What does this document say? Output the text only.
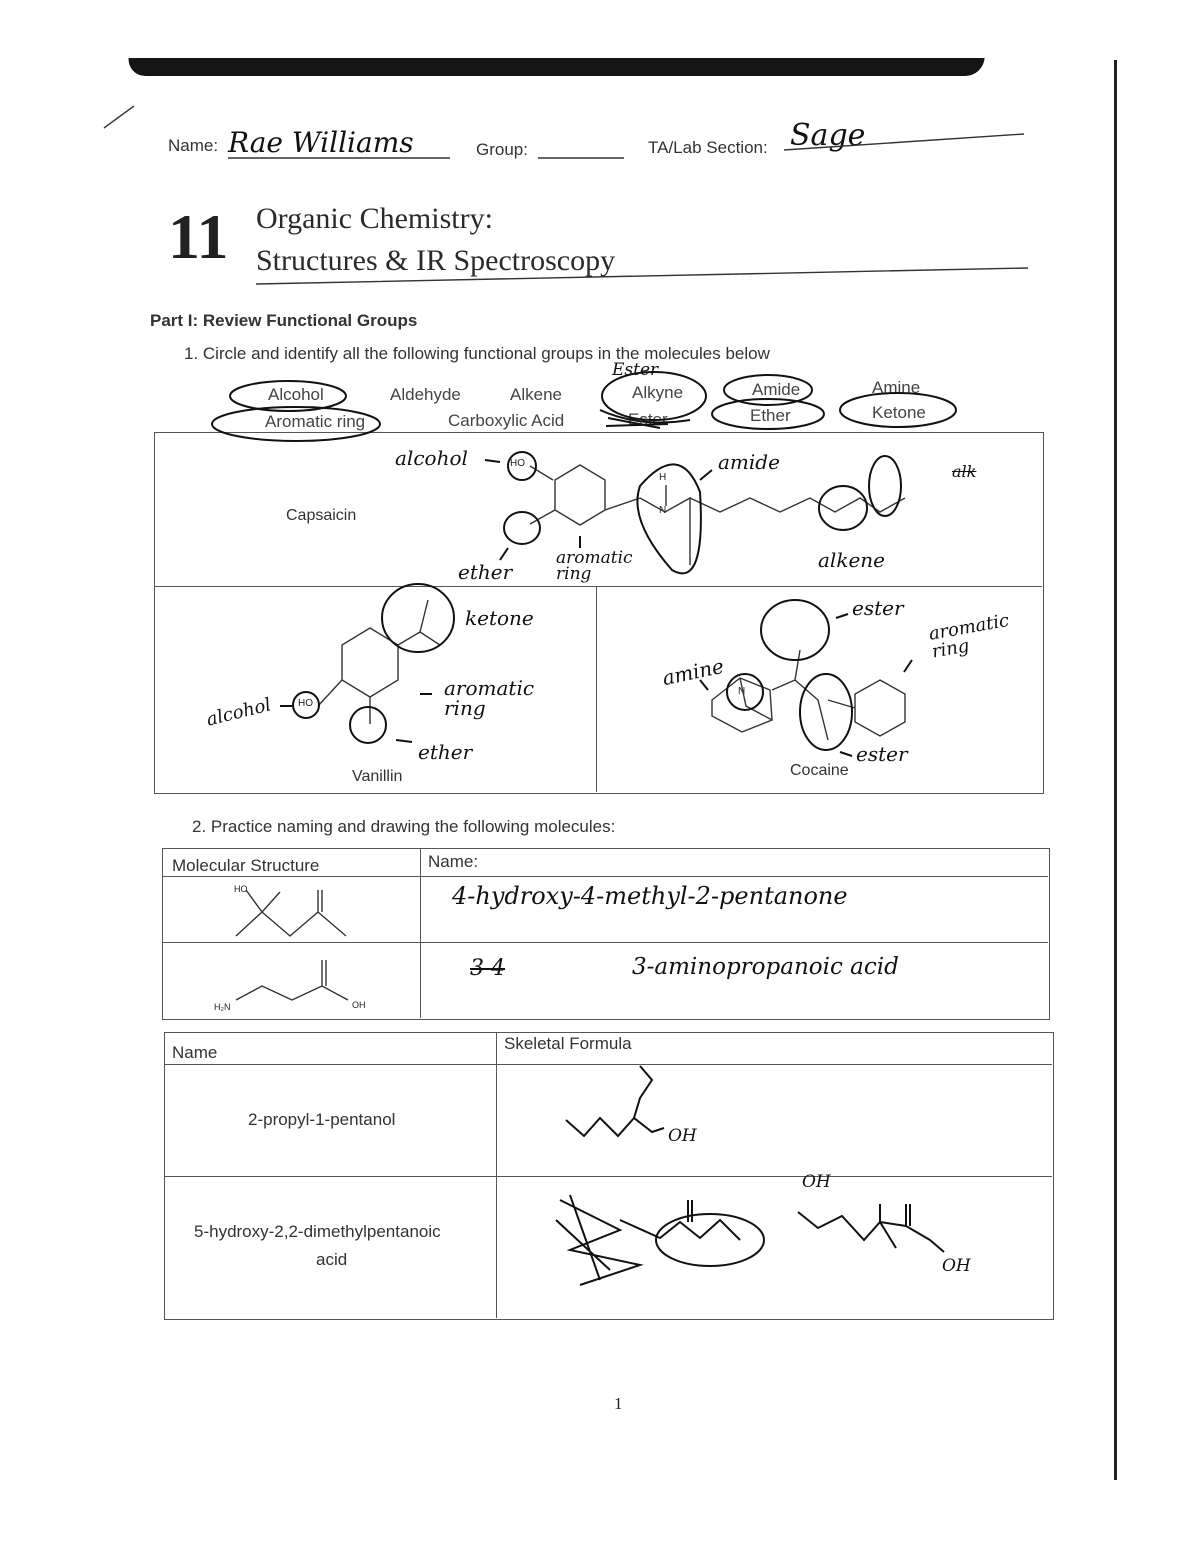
Name: Rae Williams	Group:	TA/Lab Section: Sage
11 Organic Chemistry:
Structures & IR Spectroscopy
Part I: Review Functional Groups
1. Circle and identify all the following functional groups in the molecules below
Alcohol	Aldehyde	Alkene	Alkyne	Amide	Amine
Aromatic ring	Carboxylic Acid	Ester	Ether	Ketone
Ester
Capsaicin
Vanillin	Cocaine
alcohol	amide	alk
ether
aromatic ring
alkene
ketone
alcohol
aromatic ring
ether
ester
aromatic ring
amine
ester
HO
H
N
HO
N
2. Practice naming and drawing the following molecules:
Molecular Structure	Name:
4-hydroxy-4-methyl-2-pentanone
3 4	3-aminopropanoic acid
HO
H₂N	OH
Name	Skeletal Formula
2-propyl-1-pentanol
5-hydroxy-2,2-dimethylpentanoic
acid
OH
OH
OH
1
